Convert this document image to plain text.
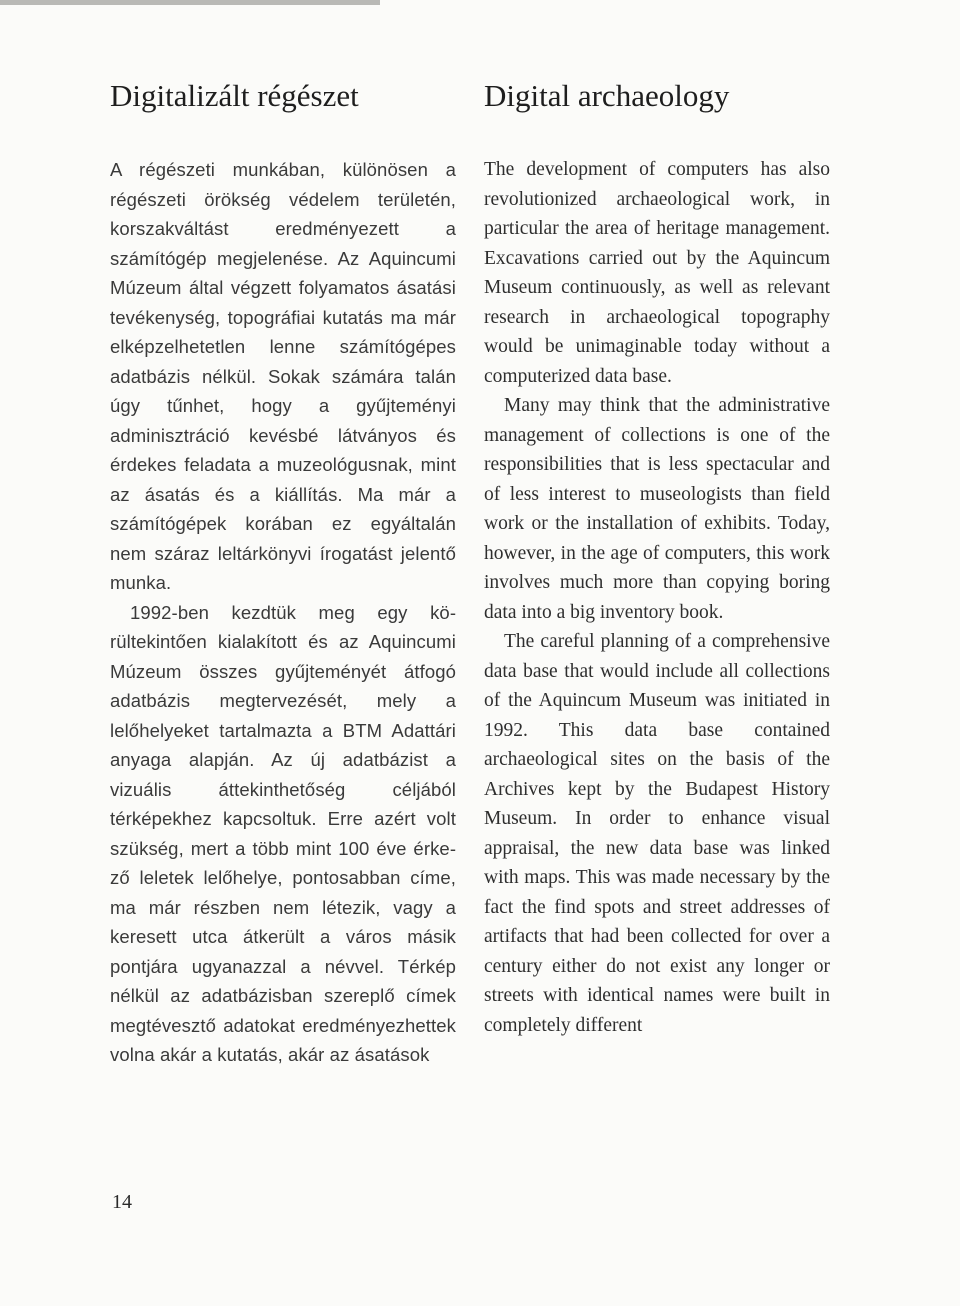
Digitalizált régészet

A régészeti munkában, különösen a régészeti örökség védelem területén, korszakváltást eredményezett a számítógép megjelenése. Az Aquincumi Múzeum által végzett folyamatos ásatási tevékenység, topográfiai kutatás ma már elképzelhetetlen lenne számítógépes adatbázis nélkül. Sokak számára talán úgy tűnhet, hogy a gyűjteményi adminisztráció kevésbé látványos és érdekes feladata a muzeológusnak, mint az ásatás és a kiállítás. Ma már a számítógépek korában ez egyáltalán nem száraz leltárkönyvi írogatást jelentő munka.

1992-ben kezdtük meg egy körültekintően kialakított és az Aquincumi Múzeum összes gyűjteményét átfogó adatbázis megtervezését, mely a lelőhelyeket tartalmazta a BTM Adattári anyaga alapján. Az új adatbázist a vizuális áttekinthetőség céljából térképekhez kapcsoltuk. Erre azért volt szükség, mert a több mint 100 éve érkező leletek lelőhelye, pontosabban címe, ma már részben nem létezik, vagy a keresett utca átkerült a város másik pontjára ugyanazzal a névvel. Térkép nélkül az adatbázisban szereplő címek megtévesztő adatokat eredményezhettek volna akár a kutatás, akár az ásatások

Digital archaeology

The development of computers has also revolutionized archaeological work, in particular the area of heritage management. Excavations carried out by the Aquincum Museum continuously, as well as relevant research in archaeological topography would be unimaginable today without a computerized data base.

Many may think that the administrative management of collections is one of the responsibilities that is less spectacular and of less interest to museologists than field work or the installation of exhibits. Today, however, in the age of computers, this work involves much more than copying boring data into a big inventory book.

The careful planning of a comprehensive data base that would include all collections of the Aquincum Museum was initiated in 1992. This data base contained archaeological sites on the basis of the Archives kept by the Budapest History Museum. In order to enhance visual appraisal, the new data base was linked with maps. This was made necessary by the fact the find spots and street addresses of artifacts that had been collected for over a century either do not exist any longer or streets with identical names were built in completely different

14
